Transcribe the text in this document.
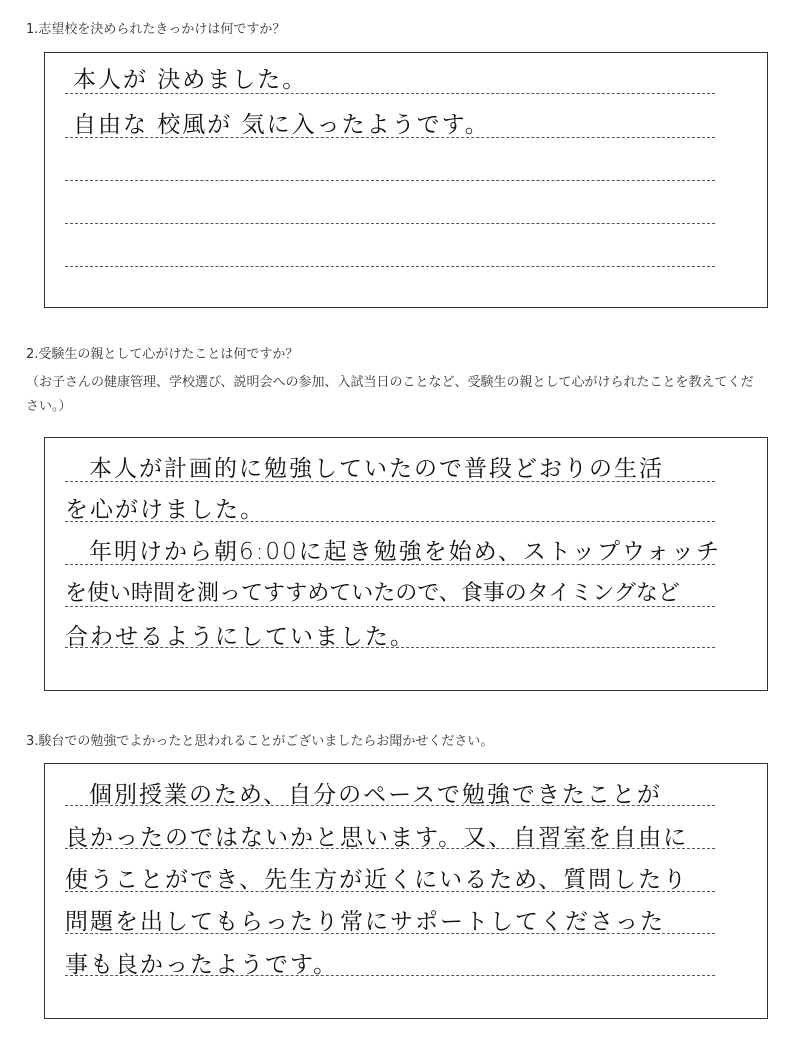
1.志望校を決められたきっかけは何ですか？
本人が 決めました。
自由な 校風が 気に入ったようです。
2.受験生の親として心がけたことは何ですか？
（お子さんの健康管理、学校選び、説明会への参加、入試当日のことなど、受験生の親として心がけられたことを教えてください。）
本人が計画的に勉強していたので普段どおりの生活
を心がけました。
年明けから朝6:00に起き勉強を始め、ストップウォッチ
を使い時間を測ってすすめていたので、食事のタイミングなど
合わせるようにしていました。
3.駿台での勉強でよかったと思われることがございましたらお聞かせください。
個別授業のため、自分のペースで勉強できたことが
良かったのではないかと思います。又、自習室を自由に
使うことができ、先生方が近くにいるため、質問したり
問題を出してもらったり常にサポートしてくださった
事も良かったようです。
